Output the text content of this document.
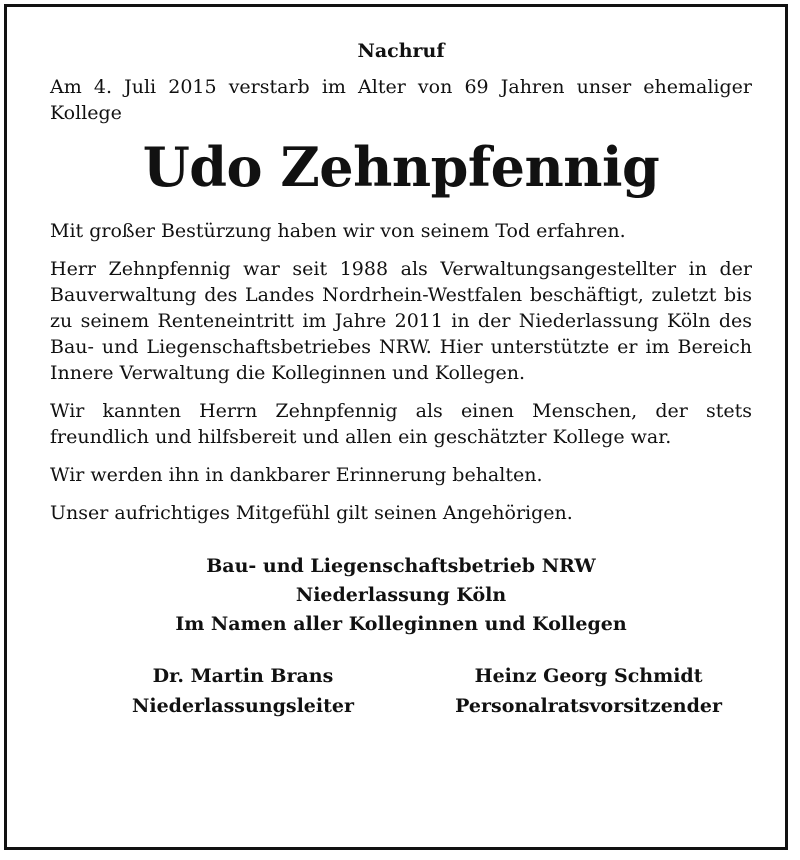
Nachruf

Am 4. Juli 2015 verstarb im Alter von 69 Jahren unser ehemaliger Kollege

Udo Zehnpfennig

Mit großer Bestürzung haben wir von seinem Tod erfahren.

Herr Zehnpfennig war seit 1988 als Verwaltungsangestellter in der Bauverwaltung des Landes Nordrhein-Westfalen beschäftigt, zuletzt bis zu seinem Renteneintritt im Jahre 2011 in der Niederlassung Köln des Bau- und Liegenschaftsbetriebes NRW. Hier unterstützte er im Bereich Innere Verwaltung die Kolleginnen und Kollegen.

Wir kannten Herrn Zehnpfennig als einen Menschen, der stets freundlich und hilfsbereit und allen ein geschätzter Kollege war.

Wir werden ihn in dankbarer Erinnerung behalten.

Unser aufrichtiges Mitgefühl gilt seinen Angehörigen.

Bau- und Liegenschaftsbetrieb NRW
Niederlassung Köln
Im Namen aller Kolleginnen und Kollegen
Dr. Martin Brans
Niederlassungsleiter
Heinz Georg Schmidt
Personalratsvorsitzender
